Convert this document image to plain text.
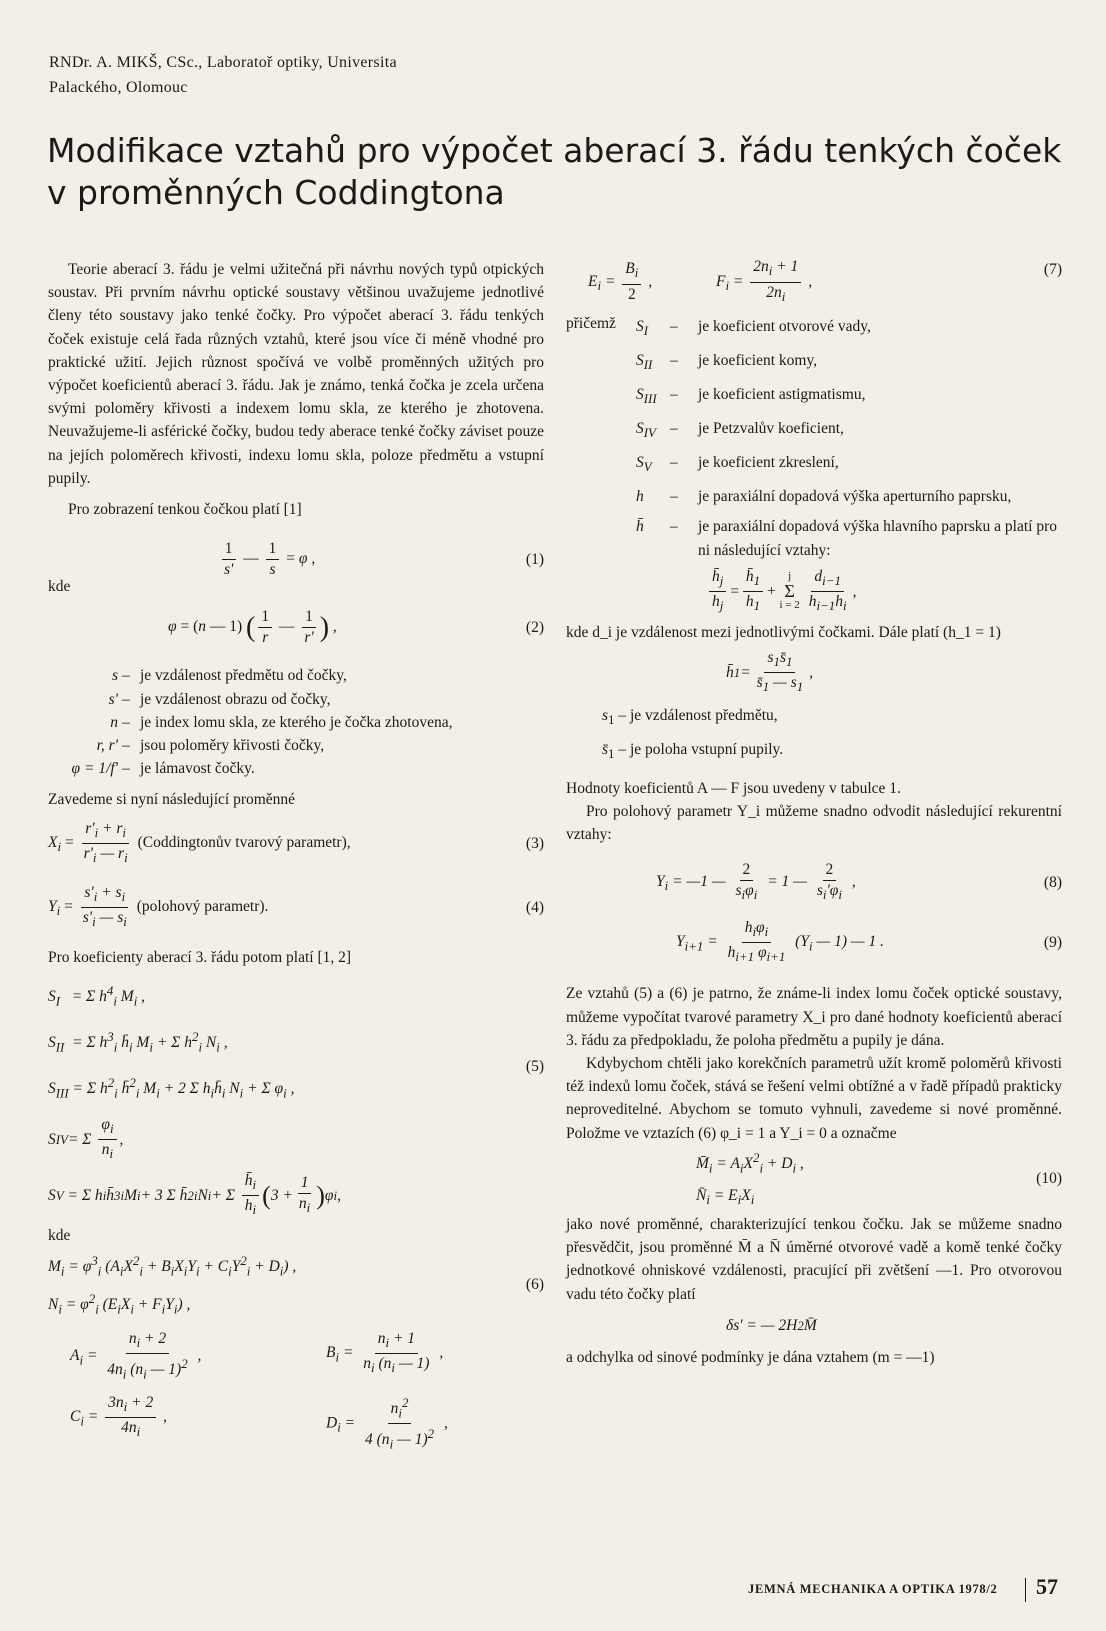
RNDr. A. MIKŠ, CSc., Laboratoř optiky, Universita
Palackého, Olomouc
Modifikace vztahů pro výpočet aberací 3. řádu tenkých čoček
v proměnných Coddingtona

Teorie aberací 3. řádu je velmi užitečná při návrhu nových typů otpických soustav. Při prvním návrhu optické soustavy většinou uvažujeme jednotlivé členy této soustavy jako tenké čočky. Pro výpočet aberací 3. řádu tenkých čoček existuje celá řada různých vztahů, které jsou více či méně vhodné pro praktické užití. Jejich různost spočívá ve volbě proměnných užitých pro výpočet koeficientů aberací 3. řádu. Jak je známo, tenká čočka je zcela určena svými poloměry křivosti a indexem lomu skla, ze kterého je zhotovena. Neuvažujeme-li asférické čočky, budou tedy aberace tenké čočky záviset pouze na jejích poloměrech křivosti, indexu lomu skla, poloze předmětu a vstupní pupily.

Pro zobrazení tenkou čočkou platí [1]

$\frac{1}{s'}$ — $\frac{1}{s} = \varphi$ ,	(1)
kde
φ = (n — 1) ( $\frac{1}{r}$ — $\frac{1}{r'}$ ) ,	(2)
s – je vzdálenost předmětu od čočky,
s' – je vzdálenost obrazu od čočky,
n – je index lomu skla, ze kterého je čočka zhotovena,
r, r' – jsou poloměry křivosti čočky,
φ = 1/f' – je lámavost čočky.

Zavedeme si nyní následující proměnné

$X_i = \frac{r'_i + r_i}{r'_i — r_i}$ (Coddingtonův tvarový parametr),	(3)
$Y_i = \frac{s'_i + s_i}{s'_i — s_i}$ (polohový parametr).	(4)

Pro koeficienty aberací 3. řádu potom platí [1, 2]

$S_I = \Sigma$ $h^4_i$ $M_i$ ,
$S_{II} = \Sigma$ $h^3_i$ $h̄_i$ $M_i + \Sigma$ $h^2_i$ $N_i$ ,
$S_{III} = \Sigma$ $h^2_i$ h̄$^2_i$ $M_i + 2$ Σ $h_ih̄_i$ $N_i + \Sigma$ $\varphi_i$ ,
S IV = Σ $\frac{\varphi_i}{n_i}$ ,
S V = Σ h i h̄ 3 i M i + 3 Σ h̄ 2 i N i + Σ $\frac{h̄_i}{h_i}$ ( $3 + \frac{1}{n_i}$ ) φ i ,
(5)
kde
$M_i = \varphi^3_i$ $(A_iX^2_i + B_iX_iY_i + C_iY^2_i + D_i)$ ,
$N_i = \varphi^2_i$ $(E_iX_i + F_iY_i)$ ,
(6)
$A_i = \frac{n_i + 2}{4n_i (n_i — 1)^2}$ ,	$B_i = \frac{n_i + 1}{n_i (n_i — 1)}$ ,
$C_i = \frac{3n_i + 2}{4n_i}$ ,	$D_i = \frac{n_i^2}{4 (n_i — 1)^2}$ ,
$E_i = \frac{B_i}{2}$ ,	$F_i = \frac{2n_i + 1}{2n_i}$ ,
(7)
přičemž	$S_I$	–	je koeficient otvorové vady,
$S_{II}$	–	je koeficient komy,
$S_{III}$ –	je koeficient astigmatismu,
$S_{IV}$ –	je Petzvalův koeficient,
$S_V$	–	je koeficient zkreslení,
h	–	je paraxiální dopadová výška aperturního paprsku,
h̄	–	je paraxiální dopadová výška hlavního paprsku a platí pro ni následující vztahy:
$\frac{h̄_j}{h_j} = \frac{h̄_1}{h_1}$ +
j
Σ
$i = 2 \frac{d_{i-1}}{h_{i-1}h_i}$ ,

kde d_i je vzdálenost mezi jednotlivými čočkami. Dále platí (h_1 = 1)

h̄ $1 = \frac{s_1s̄_1}{s̄_1 — s_1}$ ,
$s_1$ – je vzdálenost předmětu,
$s̄_1$ – je poloha vstupní pupily.

Hodnoty koeficientů A — F jsou uvedeny v tabulce 1.

Pro polohový parametr Y_i můžeme snadno odvodit následující rekurentní vztahy:

$Y_i$ = —1 — $\frac{2}{s_i\varphi_i} = 1$ — $\frac{2}{s_i'\varphi_i}$ ,	(8)
$Y_{i+1} = \frac{h_i\varphi_i}{h_{i+1} \varphi_{i+1}} (Y_i$ — 1) — 1 .	(9)

Ze vztahů (5) a (6) je patrno, že známe-li index lomu čoček optické soustavy, můžeme vypočítat tvarové parametry X_i pro dané hodnoty koeficientů aberací 3. řádu za předpokladu, že poloha předmětu a pupily je dána.

Kdybychom chtěli jako korekčních parametrů užít kromě poloměrů křivosti též indexů lomu čoček, stává se řešení velmi obtížné a v řadě případů prakticky neproveditelné. Abychom se tomuto vyhnuli, zavedeme si nové proměnné. Položme ve vztazích (6) φ_i = 1 a Y_i = 0 a označme

$M̄_i = A_iX^2_i + D_i$ ,
$N̄_i = E_iX_i$
(10)

jako nové proměnné, charakterizující tenkou čočku. Jak se můžeme snadno přesvědčit, jsou proměnné M̄ a N̄ úměrné otvorové vadě a komě tenké čočky jednotkové ohniskové vzdálenosti, pracující při zvětšení —1. Pro otvorovou vadu této čočky platí

δs' = — 2H 2 M̄

a odchylka od sinové podmínky je dána vztahem (m = —1)

JEMNÁ MECHANIKA A OPTIKA 1978/2 57
